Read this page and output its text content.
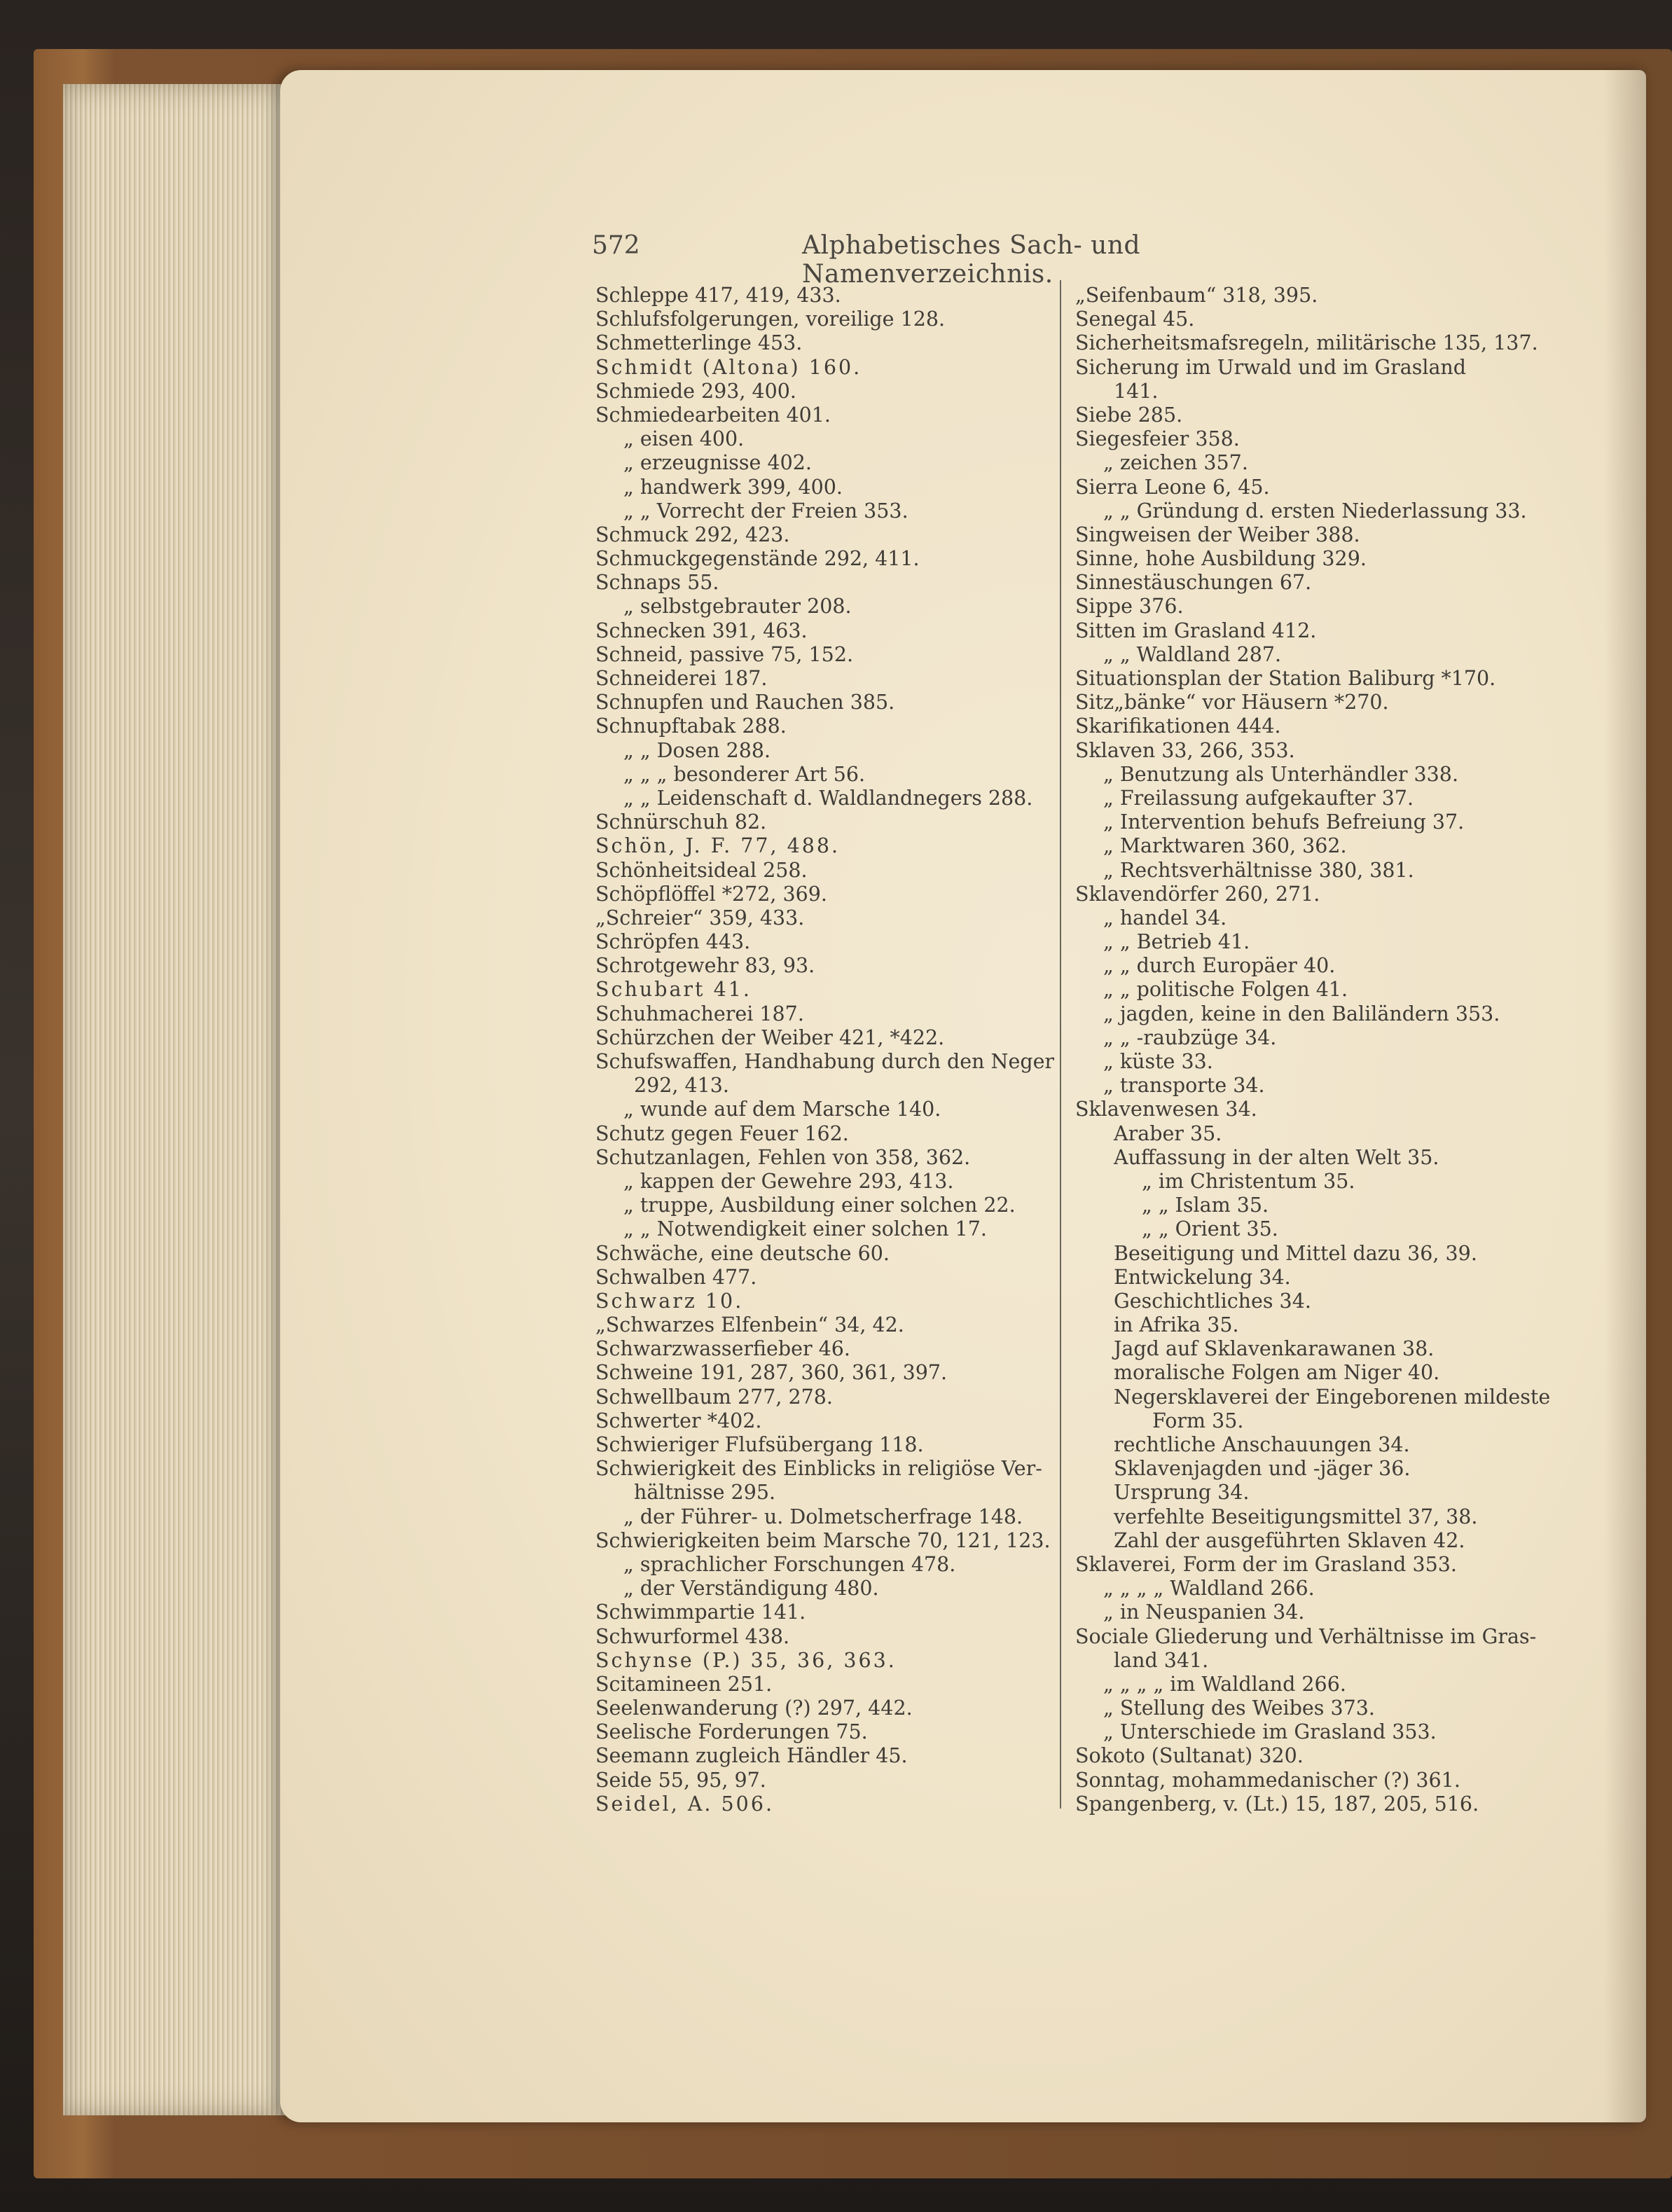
572	Alphabetisches Sach- und Namenverzeichnis.
Schleppe 417, 419, 433.
Schlufsfolgerungen, voreilige 128.
Schmetterlinge 453.
Schmidt (Altona) 160.
Schmiede 293, 400.
Schmiedearbeiten 401.
„ eisen 400.
„ erzeugnisse 402.
„ handwerk 399, 400.
„ „ Vorrecht der Freien 353.
Schmuck 292, 423.
Schmuckgegenstände 292, 411.
Schnaps 55.
„ selbstgebrauter 208.
Schnecken 391, 463.
Schneid, passive 75, 152.
Schneiderei 187.
Schnupfen und Rauchen 385.
Schnupftabak 288.
„ „ Dosen 288.
„ „ „ besonderer Art 56.
„ „ Leidenschaft d. Waldlandnegers 288.
Schnürschuh 82.
Schön, J. F. 77, 488.
Schönheitsideal 258.
Schöpflöffel *272, 369.
„Schreier“ 359, 433.
Schröpfen 443.
Schrotgewehr 83, 93.
Schubart 41.
Schuhmacherei 187.
Schürzchen der Weiber 421, *422.
Schufswaffen, Handhabung durch den Neger
292, 413.
„ wunde auf dem Marsche 140.
Schutz gegen Feuer 162.
Schutzanlagen, Fehlen von 358, 362.
„ kappen der Gewehre 293, 413.
„ truppe, Ausbildung einer solchen 22.
„ „ Notwendigkeit einer solchen 17.
Schwäche, eine deutsche 60.
Schwalben 477.
Schwarz 10.
„Schwarzes Elfenbein“ 34, 42.
Schwarzwasserfieber 46.
Schweine 191, 287, 360, 361, 397.
Schwellbaum 277, 278.
Schwerter *402.
Schwieriger Flufsübergang 118.
Schwierigkeit des Einblicks in religiöse Ver-
hältnisse 295.
„ der Führer- u. Dolmetscherfrage 148.
Schwierigkeiten beim Marsche 70, 121, 123.
„ sprachlicher Forschungen 478.
„ der Verständigung 480.
Schwimmpartie 141.
Schwurformel 438.
Schynse (P.) 35, 36, 363.
Scitamineen 251.
Seelenwanderung (?) 297, 442.
Seelische Forderungen 75.
Seemann zugleich Händler 45.
Seide 55, 95, 97.
Seidel, A. 506.
„Seifenbaum“ 318, 395.
Senegal 45.
Sicherheitsmafsregeln, militärische 135, 137.
Sicherung im Urwald und im Grasland
141.
Siebe 285.
Siegesfeier 358.
„ zeichen 357.
Sierra Leone 6, 45.
„ „ Gründung d. ersten Niederlassung 33.
Singweisen der Weiber 388.
Sinne, hohe Ausbildung 329.
Sinnestäuschungen 67.
Sippe 376.
Sitten im Grasland 412.
„ „ Waldland 287.
Situationsplan der Station Baliburg *170.
Sitz„bänke“ vor Häusern *270.
Skarifikationen 444.
Sklaven 33, 266, 353.
„ Benutzung als Unterhändler 338.
„ Freilassung aufgekaufter 37.
„ Intervention behufs Befreiung 37.
„ Marktwaren 360, 362.
„ Rechtsverhältnisse 380, 381.
Sklavendörfer 260, 271.
„ handel 34.
„ „ Betrieb 41.
„ „ durch Europäer 40.
„ „ politische Folgen 41.
„ jagden, keine in den Baliländern 353.
„ „ -raubzüge 34.
„ küste 33.
„ transporte 34.
Sklavenwesen 34.
Araber 35.
Auffassung in der alten Welt 35.
„ im Christentum 35.
„ „ Islam 35.
„ „ Orient 35.
Beseitigung und Mittel dazu 36, 39.
Entwickelung 34.
Geschichtliches 34.
in Afrika 35.
Jagd auf Sklavenkarawanen 38.
moralische Folgen am Niger 40.
Negersklaverei der Eingeborenen mildeste
Form 35.
rechtliche Anschauungen 34.
Sklavenjagden und -jäger 36.
Ursprung 34.
verfehlte Beseitigungsmittel 37, 38.
Zahl der ausgeführten Sklaven 42.
Sklaverei, Form der im Grasland 353.
„ „ „ „ Waldland 266.
„ in Neuspanien 34.
Sociale Gliederung und Verhältnisse im Gras-
land 341.
„ „ „ „ im Waldland 266.
„ Stellung des Weibes 373.
„ Unterschiede im Grasland 353.
Sokoto (Sultanat) 320.
Sonntag, mohammedanischer (?) 361.
Spangenberg, v. (Lt.) 15, 187, 205, 516.
